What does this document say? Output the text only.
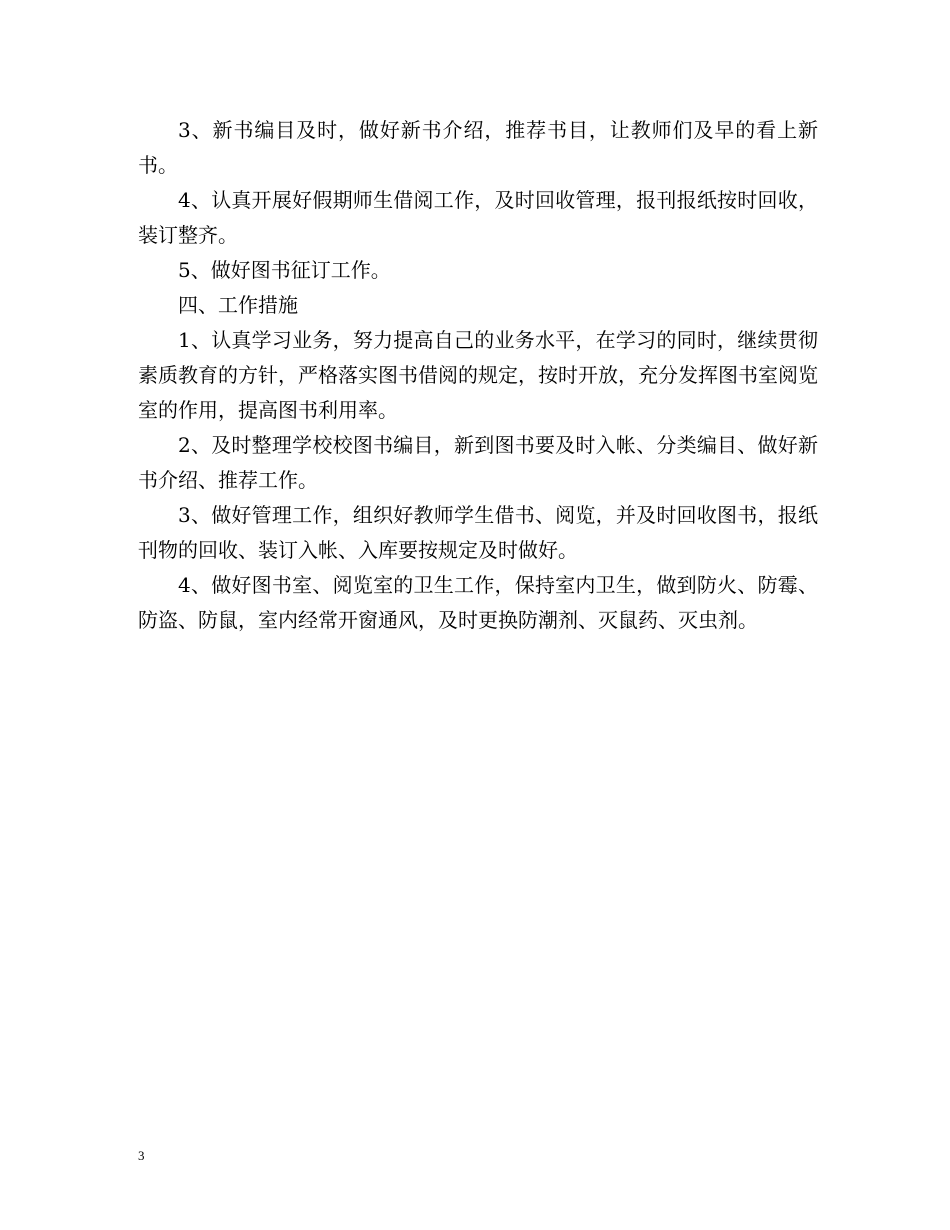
3、新书编目及时，做好新书介绍，推荐书目，让教师们及早的看上新书。

4、认真开展好假期师生借阅工作，及时回收管理，报刊报纸按时回收，装订整齐。

5、做好图书征订工作。

四、工作措施

1、认真学习业务，努力提高自己的业务水平，在学习的同时，继续贯彻素质教育的方针，严格落实图书借阅的规定，按时开放，充分发挥图书室阅览室的作用，提高图书利用率。

2、及时整理学校校图书编目，新到图书要及时入帐、分类编目、做好新书介绍、推荐工作。

3、做好管理工作，组织好教师学生借书、阅览，并及时回收图书，报纸刊物的回收、装订入帐、入库要按规定及时做好。

4、做好图书室、阅览室的卫生工作，保持室内卫生，做到防火、防霉、防盗、防鼠，室内经常开窗通风，及时更换防潮剂、灭鼠药、灭虫剂。

3
